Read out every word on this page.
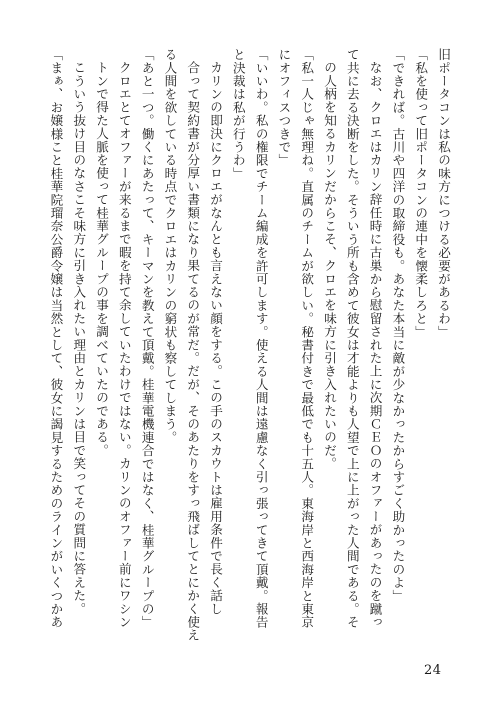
旧ポータコンは私の味方につける必要があるわ」
「私を使って旧ポータコンの連中を懐柔しろと」
「できれば。古川や四洋の取締役も。あなた本当に敵が少なかったからすごく助かったのよ」
なお、クロエはカリン辞任時に古巣から慰留された上に次期ＣＥＯのオファーがあったのを蹴っ
て共に去る決断をした。そういう所も含めて彼女は才能よりも人望で上に上がった人間である。そ
の人柄を知るカリンだからこそ、クロエを味方に引き入れたいのだ。
「私一人じゃ無理ね。直属のチームが欲しい。秘書付きで最低でも十五人。東海岸と西海岸と東京
にオフィスつきで」
「いいわ。私の権限でチーム編成を許可します。使える人間は遠慮なく引っ張ってきて頂戴。報告
と決裁は私が行うわ」
カリンの即決にクロエがなんとも言えない顔をする。この手のスカウトは雇用条件で長く話し
合って契約書が分厚い書類になり果てるのが常だ。だが、そのあたりをすっ飛ばしてとにかく使え
る人間を欲している時点でクロエはカリンの窮状も察してしまう。
「あと一つ。働くにあたって、キーマンを教えて頂戴。桂華電機連合ではなく、桂華グループの」
クロエとてオファーが来るまで暇を持て余していたわけではない。カリンのオファー前にワシン
トンで得た人脈を使って桂華グループの事を調べていたのである。
こういう抜け目のなさこそ味方に引き入れたい理由とカリンは目で笑ってその質問に答えた。
「まぁ、お嬢様こと桂華院瑠奈公爵令嬢は当然として、彼女に謁見するためのラインがいくつかあ
24
